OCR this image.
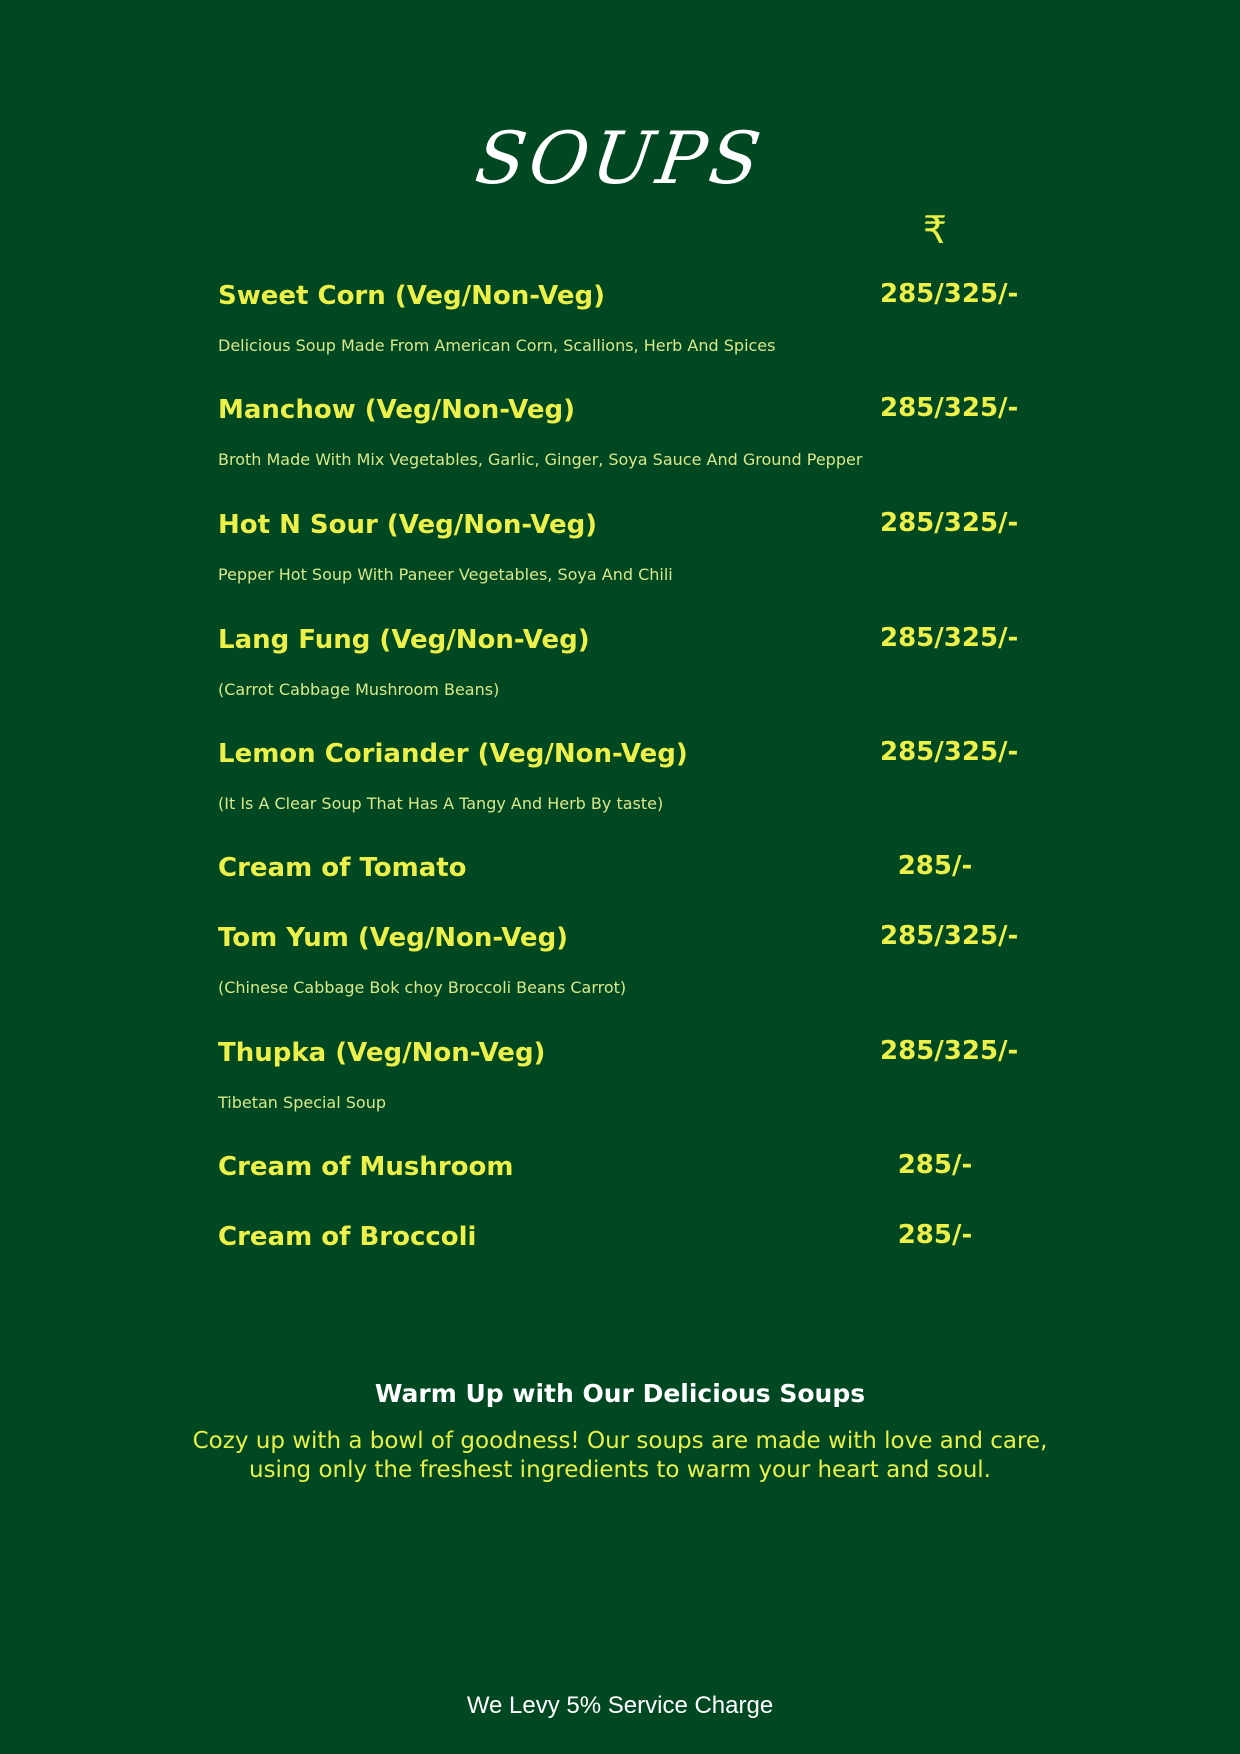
SOUPS
₹
Sweet Corn (Veg/Non-Veg)	285/325/-
Delicious Soup Made From American Corn, Scallions, Herb And Spices
Manchow (Veg/Non-Veg)	285/325/-
Broth Made With Mix Vegetables, Garlic, Ginger, Soya Sauce And Ground Pepper
Hot N Sour (Veg/Non-Veg)	285/325/-
Pepper Hot Soup With Paneer Vegetables, Soya And Chili
Lang Fung (Veg/Non-Veg)	285/325/-
(Carrot Cabbage Mushroom Beans)
Lemon Coriander (Veg/Non-Veg)	285/325/-
(It Is A Clear Soup That Has A Tangy And Herb By taste)
Cream of Tomato	285/-
Tom Yum (Veg/Non-Veg)	285/325/-
(Chinese Cabbage Bok choy Broccoli Beans Carrot)
Thupka (Veg/Non-Veg)	285/325/-
Tibetan Special Soup
Cream of Mushroom	285/-
Cream of Broccoli	285/-
Warm Up with Our Delicious Soups
Cozy up with a bowl of goodness! Our soups are made with love and care,
using only the freshest ingredients to warm your heart and soul.
We Levy 5% Service Charge
